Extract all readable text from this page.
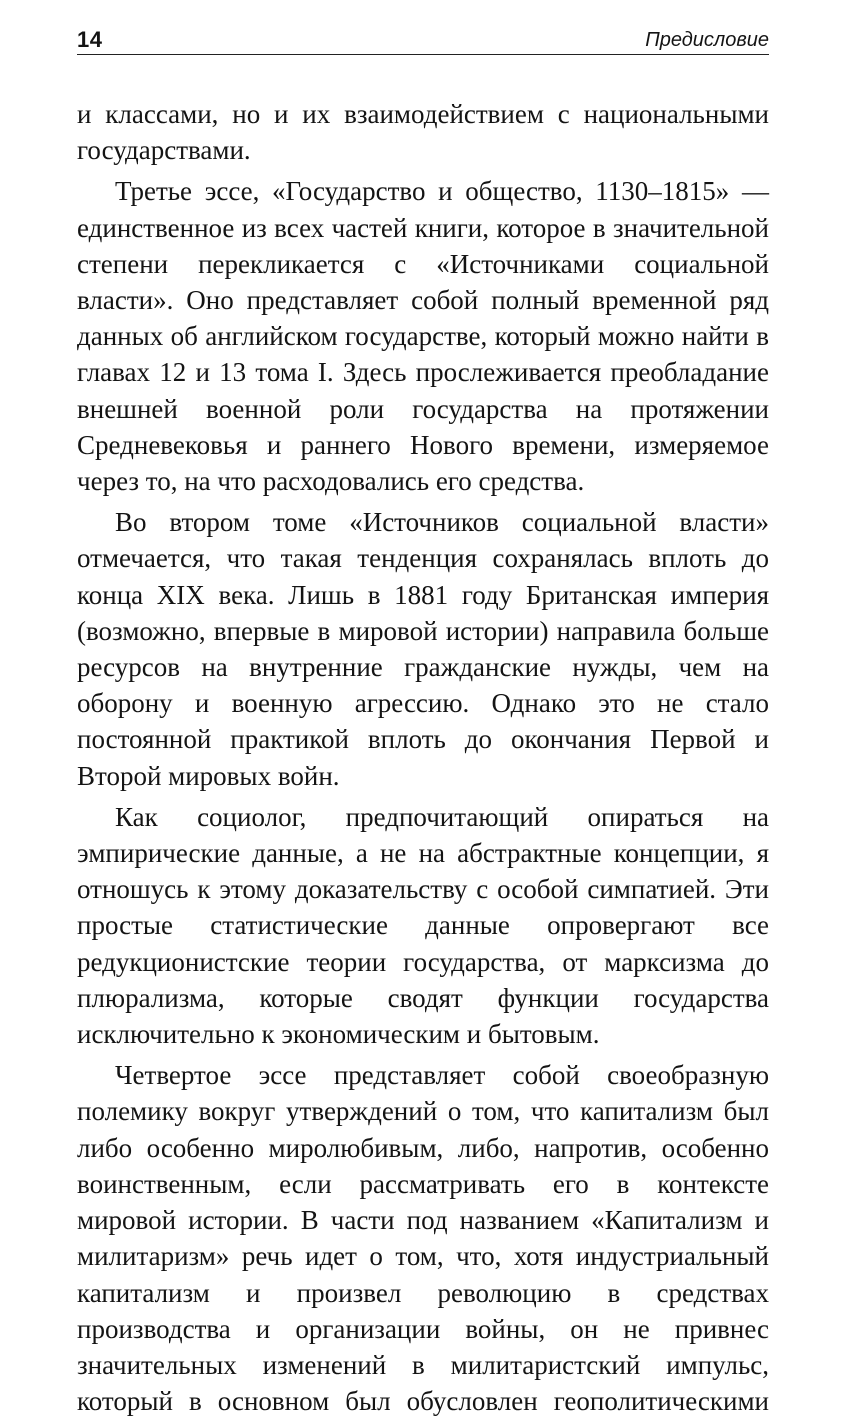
14	Предисловие

и классами, но и их взаимодействием с национальными государствами.

Третье эссе, «Государство и общество, 1130–1815» — единственное из всех частей книги, которое в значительной степени перекликается с «Источниками социальной власти». Оно представляет собой полный временной ряд данных об английском государстве, который можно найти в главах 12 и 13 тома I. Здесь прослеживается преобладание внешней военной роли государства на протяжении Средневековья и раннего Нового времени, измеряемое через то, на что расходовались его средства.

Во втором томе «Источников социальной власти» отмечается, что такая тенденция сохранялась вплоть до конца XIX века. Лишь в 1881 году Британская империя (возможно, впервые в мировой истории) направила больше ресурсов на внутренние гражданские нужды, чем на оборону и военную агрессию. Однако это не стало постоянной практикой вплоть до окончания Первой и Второй мировых войн.

Как социолог, предпочитающий опираться на эмпирические данные, а не на абстрактные концепции, я отношусь к этому доказательству с особой симпатией. Эти простые статистические данные опровергают все редукционистские теории государства, от марксизма до плюрализма, которые сводят функции государства исключительно к экономическим и бытовым.

Четвертое эссе представляет собой своеобразную полемику вокруг утверждений о том, что капитализм был либо особенно миролюбивым, либо, напротив, особенно воинственным, если рассматривать его в контексте мировой истории. В части под названием «Капитализм и милитаризм» речь идет о том, что, хотя индустриальный капитализм и произвел революцию в средствах производства и организации войны, он не привнес значительных изменений в милитаристский импульс, который в основном был обусловлен геополитическими
